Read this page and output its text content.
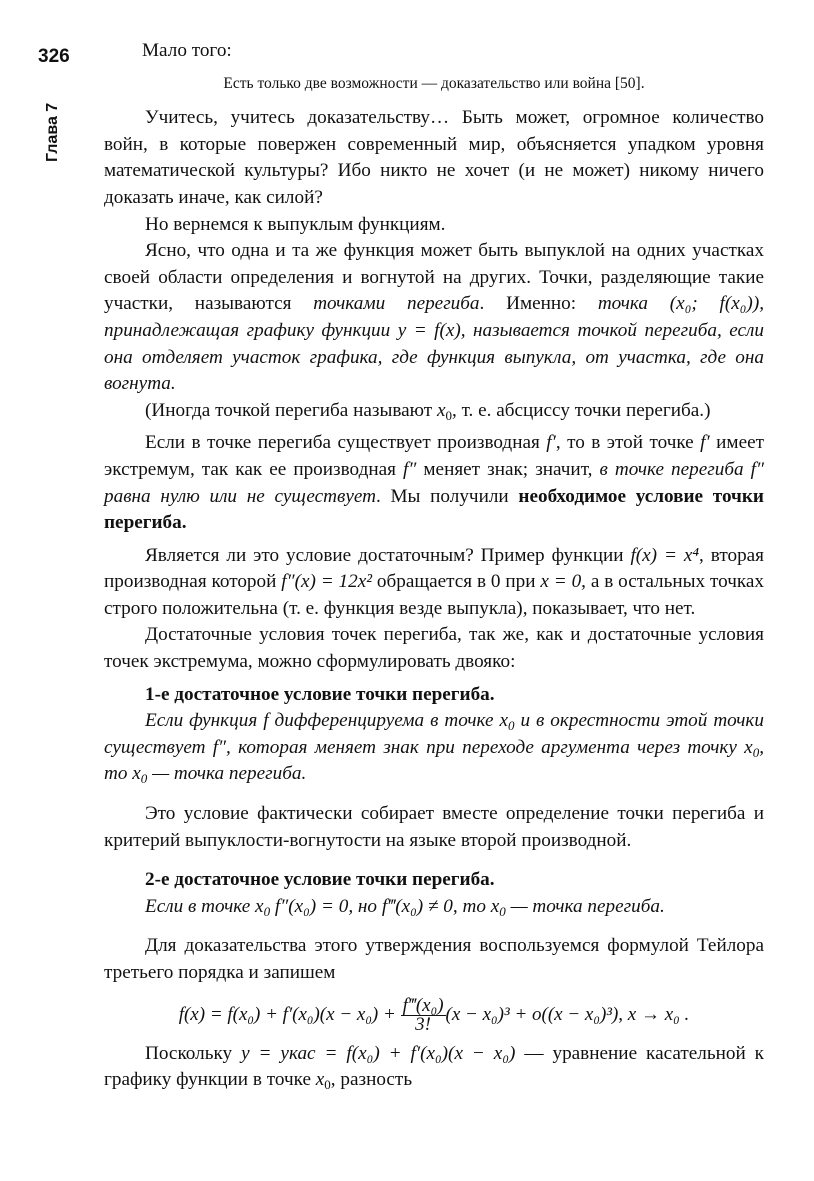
326
Глава 7

Мало того:

Есть только две возможности — доказательство или война [50].

Учитесь, учитесь доказательству… Быть может, огромное количество войн, в которые повержен современный мир, объясняется упадком уровня математической культуры? Ибо никто не хочет (и не может) никому ничего доказать иначе, как силой?

Но вернемся к выпуклым функциям.

Ясно, что одна и та же функция может быть выпуклой на одних участках своей области определения и вогнутой на других. Точки, разделяющие такие участки, называются точками перегиба. Именно: точка (x₀; f(x₀)), принадлежащая графику функции y = f(x), называется точкой перегиба, если она отделяет участок графика, где функция выпукла, от участка, где она вогнута.

(Иногда точкой перегиба называют $x_0$, т. е. абсциссу точки перегиба.)

Если в точке перегиба существует производная f′, то в этой точке f′ имеет экстремум, так как ее производная f″ меняет знак; значит, в точке перегиба f″ равна нулю или не существует. Мы получили необходимое условие точки перегиба.

Является ли это условие достаточным? Пример функции f(x) = x⁴, вторая производная которой f″(x) = 12x² обращается в 0 при x = 0, а в остальных точках строго положительна (т. е. функция везде выпукла), показывает, что нет.

Достаточные условия точек перегиба, так же, как и достаточные условия точек экстремума, можно сформулировать двояко:

1-е достаточное условие точки перегиба.

Если функция f дифференцируема в точке $x_0$ и в окрестности этой точки существует f″, которая меняет знак при переходе аргумента через точку $x_0$, то $x_0$ — точка перегиба.

Это условие фактически собирает вместе определение точки перегиба и критерий выпуклости-вогнутости на языке второй производной.

2-е достаточное условие точки перегиба.

Если в точке $x_0$ f″(x₀) = 0, но f‴(x₀) ≠ 0, то $x_0$ — точка перегиба.

Для доказательства этого утверждения воспользуемся формулой Тейлора третьего порядка и запишем

$f(x) = f(x_0) + f'(x_0)(x - x_0) + \frac{\text{f‴(x₀)}}{3!} (x - x_0)^3 + o((x - x_0)^3)$, x → x₀ .

Поскольку y = yкас = f(x₀) + f′(x₀)(x − x₀) — уравнение касательной к графику функции в точке $x_0$, разность
